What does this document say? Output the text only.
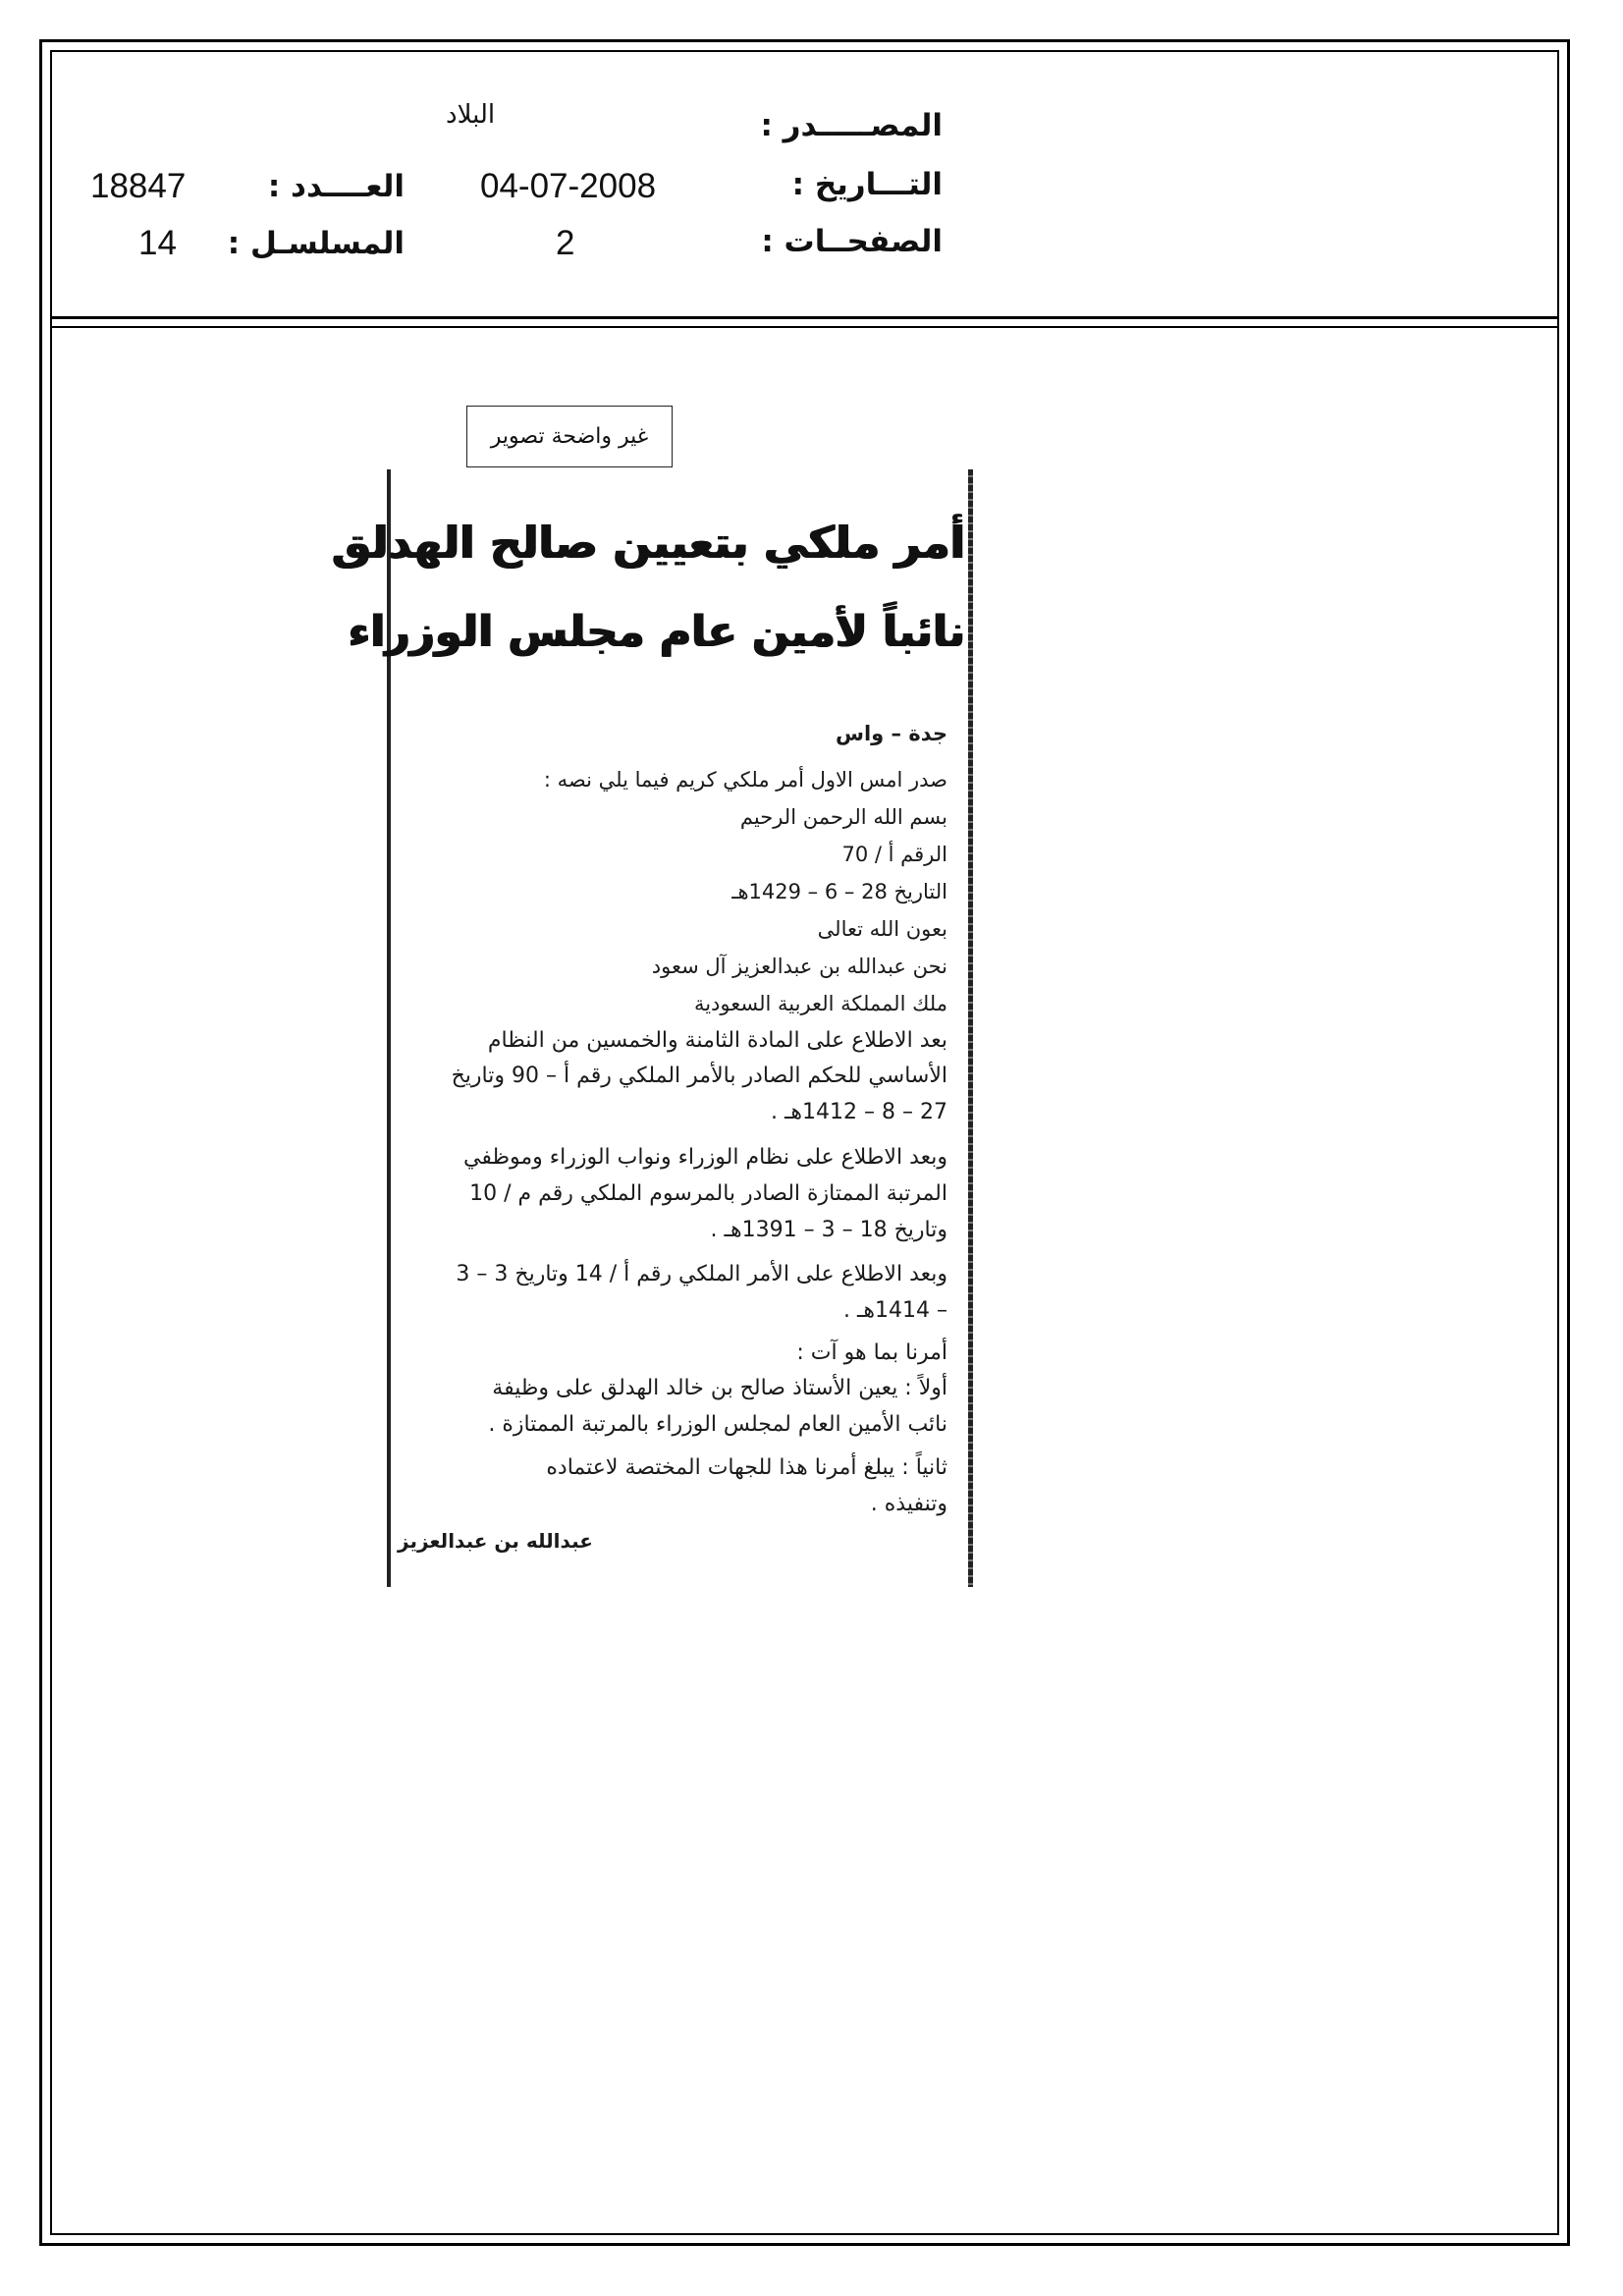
المصـــــدر :
البلاد
التـــاريخ :
04-07-2008
العــــدد :
18847
الصفحــات :
2
المسلسـل :
14
غير واضحة تصوير
أمر ملكي بتعيين صالح الهدلق
نائباً لأمين عام مجلس الوزراء
جدة – واس
صدر امس الاول أمر ملكي كريم فيما يلي نصه :
بسم الله الرحمن الرحيم
الرقم أ / 70
التاريخ 28 – 6 – 1429هـ
بعون الله تعالى
نحن عبدالله بن عبدالعزيز آل سعود
ملك المملكة العربية السعودية
بعد الاطلاع على المادة الثامنة والخمسين من النظام
الأساسي للحكم الصادر بالأمر الملكي رقم أ – 90 وتاريخ
27 – 8 – 1412هـ .
وبعد الاطلاع على نظام الوزراء ونواب الوزراء وموظفي
المرتبة الممتازة الصادر بالمرسوم الملكي رقم م / 10
وتاريخ 18 – 3 – 1391هـ .
وبعد الاطلاع على الأمر الملكي رقم أ / 14 وتاريخ 3 – 3
– 1414هـ .
أمرنا بما هو آت :
أولاً : يعين الأستاذ صالح بن خالد الهدلق على وظيفة
نائب الأمين العام لمجلس الوزراء بالمرتبة الممتازة .
ثانياً : يبلغ أمرنا هذا للجهات المختصة لاعتماده
وتنفيذه .
عبدالله بن عبدالعزيز
